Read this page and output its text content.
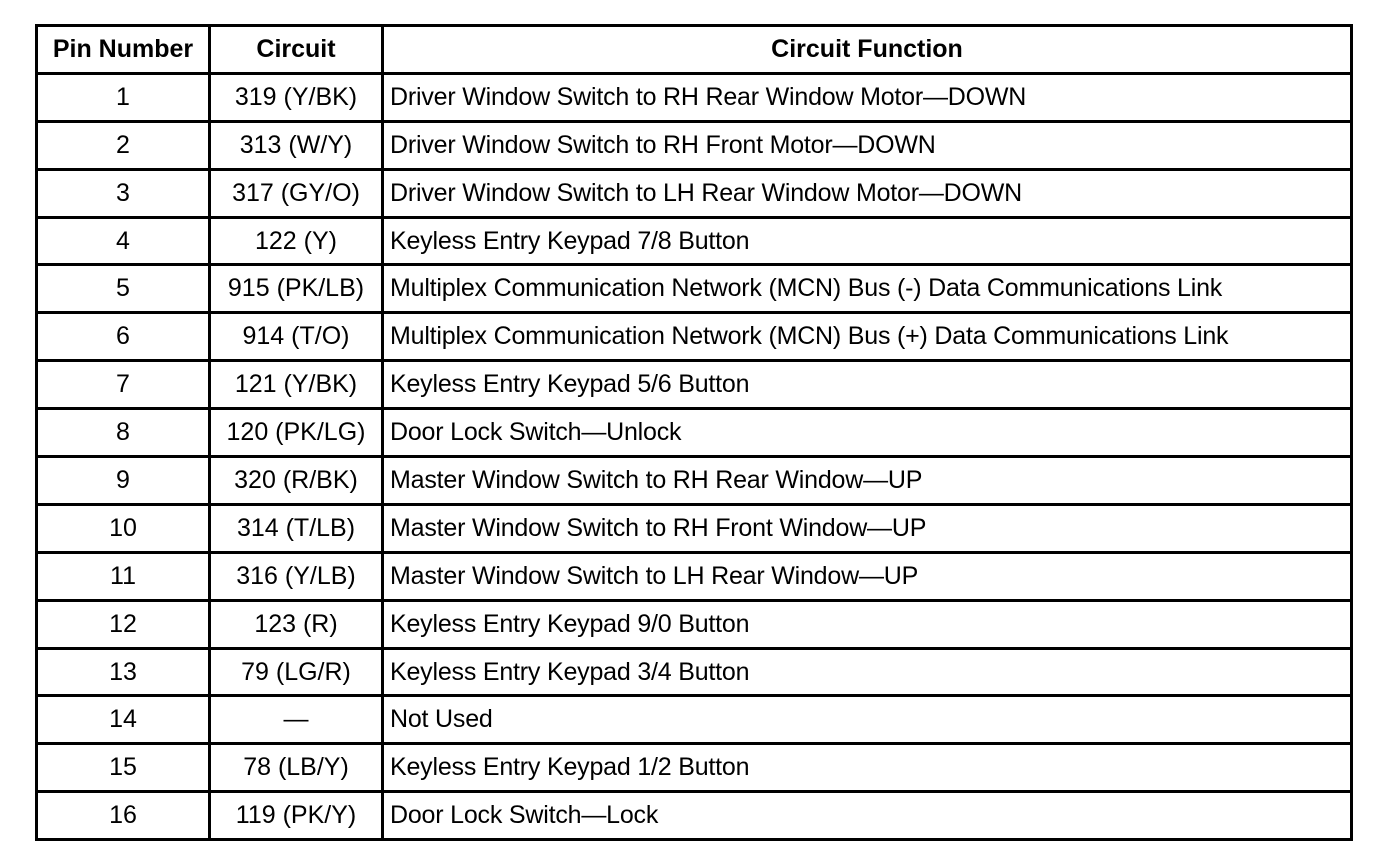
Pin Number	Circuit	Circuit Function
1	319 (Y/BK)	Driver Window Switch to RH Rear Window Motor—DOWN
2	313 (W/Y)	Driver Window Switch to RH Front Motor—DOWN
3	317 (GY/O)	Driver Window Switch to LH Rear Window Motor—DOWN
4	122 (Y)	Keyless Entry Keypad 7/8 Button
5	915 (PK/LB)	Multiplex Communication Network (MCN) Bus (-) Data Communications Link
6	914 (T/O)	Multiplex Communication Network (MCN) Bus (+) Data Communications Link
7	121 (Y/BK)	Keyless Entry Keypad 5/6 Button
8	120 (PK/LG)	Door Lock Switch—Unlock
9	320 (R/BK)	Master Window Switch to RH Rear Window—UP
10	314 (T/LB)	Master Window Switch to RH Front Window—UP
11	316 (Y/LB)	Master Window Switch to LH Rear Window—UP
12	123 (R)	Keyless Entry Keypad 9/0 Button
13	79 (LG/R)	Keyless Entry Keypad 3/4 Button
14	—	Not Used
15	78 (LB/Y)	Keyless Entry Keypad 1/2 Button
16	119 (PK/Y)	Door Lock Switch—Lock
